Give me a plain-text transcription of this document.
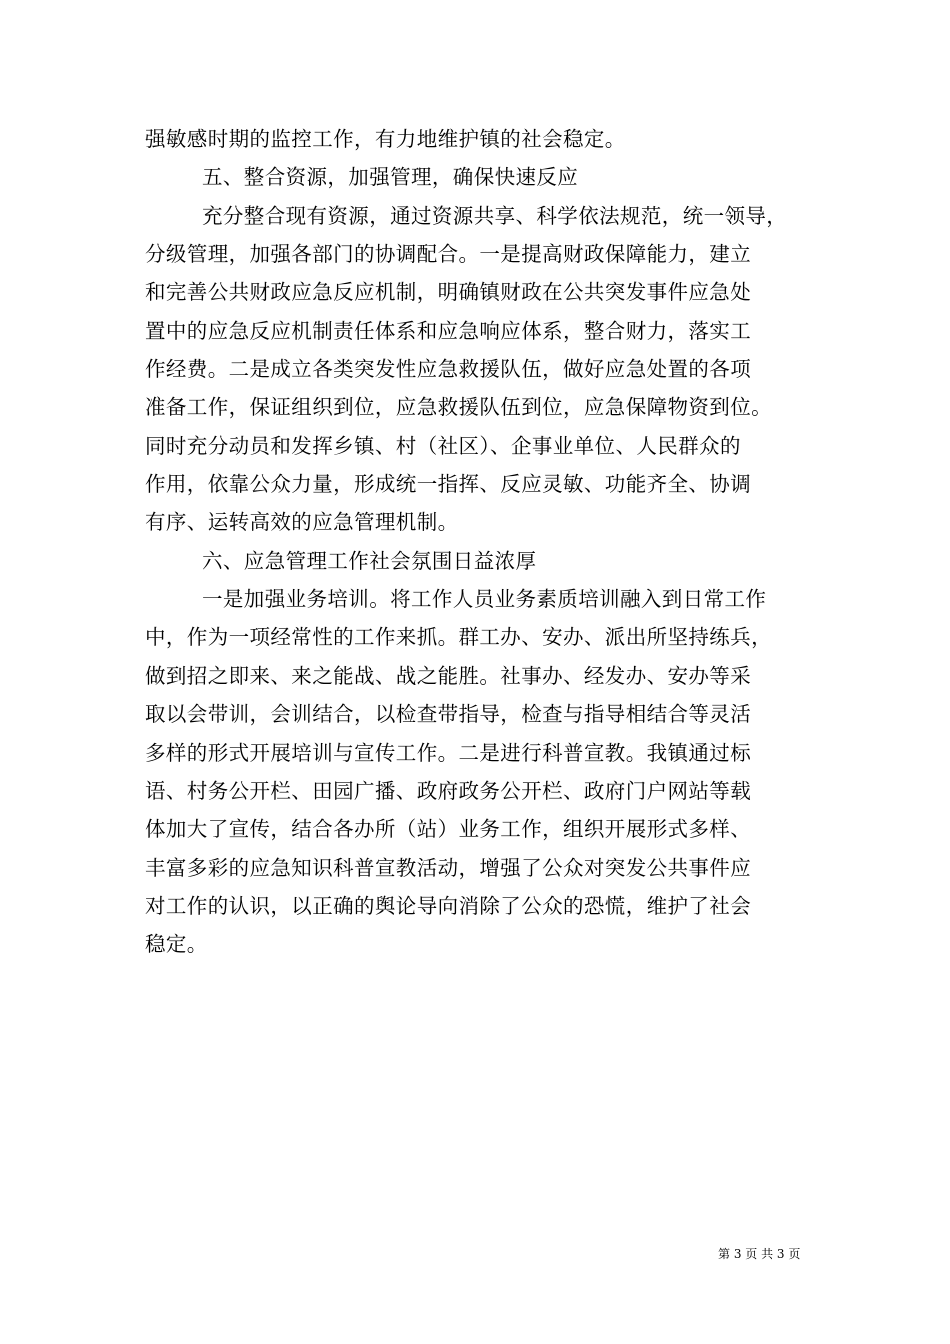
强敏感时期的监控工作，有力地维护镇的社会稳定。
五、整合资源，加强管理，确保快速反应
充分整合现有资源，通过资源共享、科学依法规范，统一领导，
分级管理，加强各部门的协调配合。一是提高财政保障能力，建立
和完善公共财政应急反应机制，明确镇财政在公共突发事件应急处
置中的应急反应机制责任体系和应急响应体系，整合财力，落实工
作经费。二是成立各类突发性应急救援队伍，做好应急处置的各项
准备工作，保证组织到位，应急救援队伍到位，应急保障物资到位。
同时充分动员和发挥乡镇、村（社区）、企事业单位、人民群众的
作用，依靠公众力量，形成统一指挥、反应灵敏、功能齐全、协调
有序、运转高效的应急管理机制。
六、应急管理工作社会氛围日益浓厚
一是加强业务培训。将工作人员业务素质培训融入到日常工作
中，作为一项经常性的工作来抓。群工办、安办、派出所坚持练兵，
做到招之即来、来之能战、战之能胜。社事办、经发办、安办等采
取以会带训，会训结合，以检查带指导，检查与指导相结合等灵活
多样的形式开展培训与宣传工作。二是进行科普宣教。我镇通过标
语、村务公开栏、田园广播、政府政务公开栏、政府门户网站等载
体加大了宣传，结合各办所（站）业务工作，组织开展形式多样、
丰富多彩的应急知识科普宣教活动，增强了公众对突发公共事件应
对工作的认识，以正确的舆论导向消除了公众的恐慌，维护了社会
稳定。
第 3 页 共 3 页
